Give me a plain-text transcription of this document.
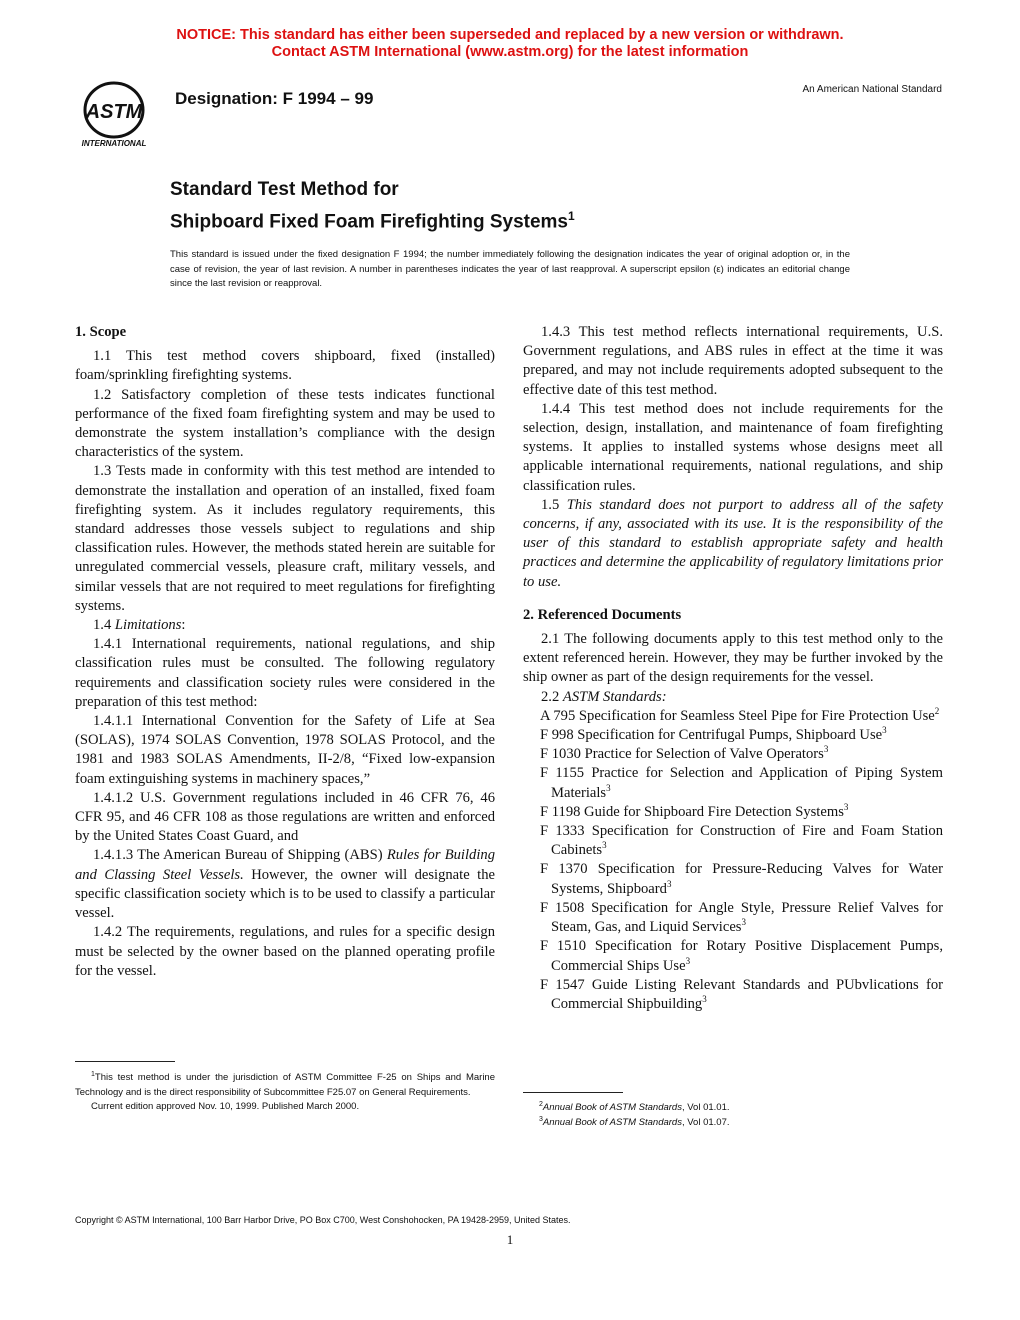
NOTICE: This standard has either been superseded and replaced by a new version or withdrawn.
Contact ASTM International (www.astm.org) for the latest information
ASTM
INTERNATIONAL
Designation: F 1994 – 99	An American National Standard
Standard Test Method for
Shipboard Fixed Foam Firefighting Systems$^1$
This standard is issued under the fixed designation F 1994; the number immediately following the designation indicates the year of original adoption or, in the case of revision, the year of last revision. A number in parentheses indicates the year of last reapproval. A superscript epsilon (ε) indicates an editorial change since the last revision or reapproval.
1. Scope

1.1 This test method covers shipboard, fixed (installed) foam/sprinkling firefighting systems.

1.2 Satisfactory completion of these tests indicates functional performance of the fixed foam firefighting system and may be used to demonstrate the system installation’s compliance with the design characteristics of the system.

1.3 Tests made in conformity with this test method are intended to demonstrate the installation and operation of an installed, fixed foam firefighting system. As it includes regulatory requirements, this standard addresses those vessels subject to regulations and ship classification rules. However, the methods stated herein are suitable for unregulated commercial vessels, pleasure craft, military vessels, and similar vessels that are not required to meet regulations for firefighting systems.

1.4 Limitations:

1.4.1 International requirements, national regulations, and ship classification rules must be consulted. The following regulatory requirements and classification society rules were considered in the preparation of this test method:

1.4.1.1 International Convention for the Safety of Life at Sea (SOLAS), 1974 SOLAS Convention, 1978 SOLAS Protocol, and the 1981 and 1983 SOLAS Amendments, II-2/8, “Fixed low-expansion foam extinguishing systems in machinery spaces,”

1.4.1.2 U.S. Government regulations included in 46 CFR 76, 46 CFR 95, and 46 CFR 108 as those regulations are written and enforced by the United States Coast Guard, and

1.4.1.3 The American Bureau of Shipping (ABS) Rules for Building and Classing Steel Vessels. However, the owner will designate the specific classification society which is to be used to classify a particular vessel.

1.4.2 The requirements, regulations, and rules for a specific design must be selected by the owner based on the planned operating profile for the vessel.

1.4.3 This test method reflects international requirements, U.S. Government regulations, and ABS rules in effect at the time it was prepared, and may not include requirements adopted subsequent to the effective date of this test method.

1.4.4 This test method does not include requirements for the selection, design, installation, and maintenance of foam firefighting systems. It applies to installed systems whose designs meet all applicable international requirements, national regulations, and ship classification rules.

1.5 This standard does not purport to address all of the safety concerns, if any, associated with its use. It is the responsibility of the user of this standard to establish appropriate safety and health practices and determine the applicability of regulatory limitations prior to use.

2. Referenced Documents

2.1 The following documents apply to this test method only to the extent referenced herein. However, they may be further invoked by the ship owner as part of the design requirements for the vessel.

2.2 ASTM Standards:

A 795 Specification for Seamless Steel Pipe for Fire Protection Use$^2$

F 998 Specification for Centrifugal Pumps, Shipboard Use$^3$

F 1030 Practice for Selection of Valve Operators$^3$

F 1155 Practice for Selection and Application of Piping System Materials$^3$

F 1198 Guide for Shipboard Fire Detection Systems$^3$

F 1333 Specification for Construction of Fire and Foam Station Cabinets$^3$

F 1370 Specification for Pressure-Reducing Valves for Water Systems, Shipboard$^3$

F 1508 Specification for Angle Style, Pressure Relief Valves for Steam, Gas, and Liquid Services$^3$

F 1510 Specification for Rotary Positive Displacement Pumps, Commercial Ships Use$^3$

F 1547 Guide Listing Relevant Standards and PUbvlications for Commercial Shipbuilding$^3$

$^1$This test method is under the jurisdiction of ASTM Committee F-25 on Ships and Marine Technology and is the direct responsibility of Subcommittee F25.07 on General Requirements.

Current edition approved Nov. 10, 1999. Published March 2000.	$^2$Annual Book of ASTM Standards, Vol 01.01.

$^3$Annual Book of ASTM Standards, Vol 01.07.

Copyright © ASTM International, 100 Barr Harbor Drive, PO Box C700, West Conshohocken, PA 19428-2959, United States.
1
